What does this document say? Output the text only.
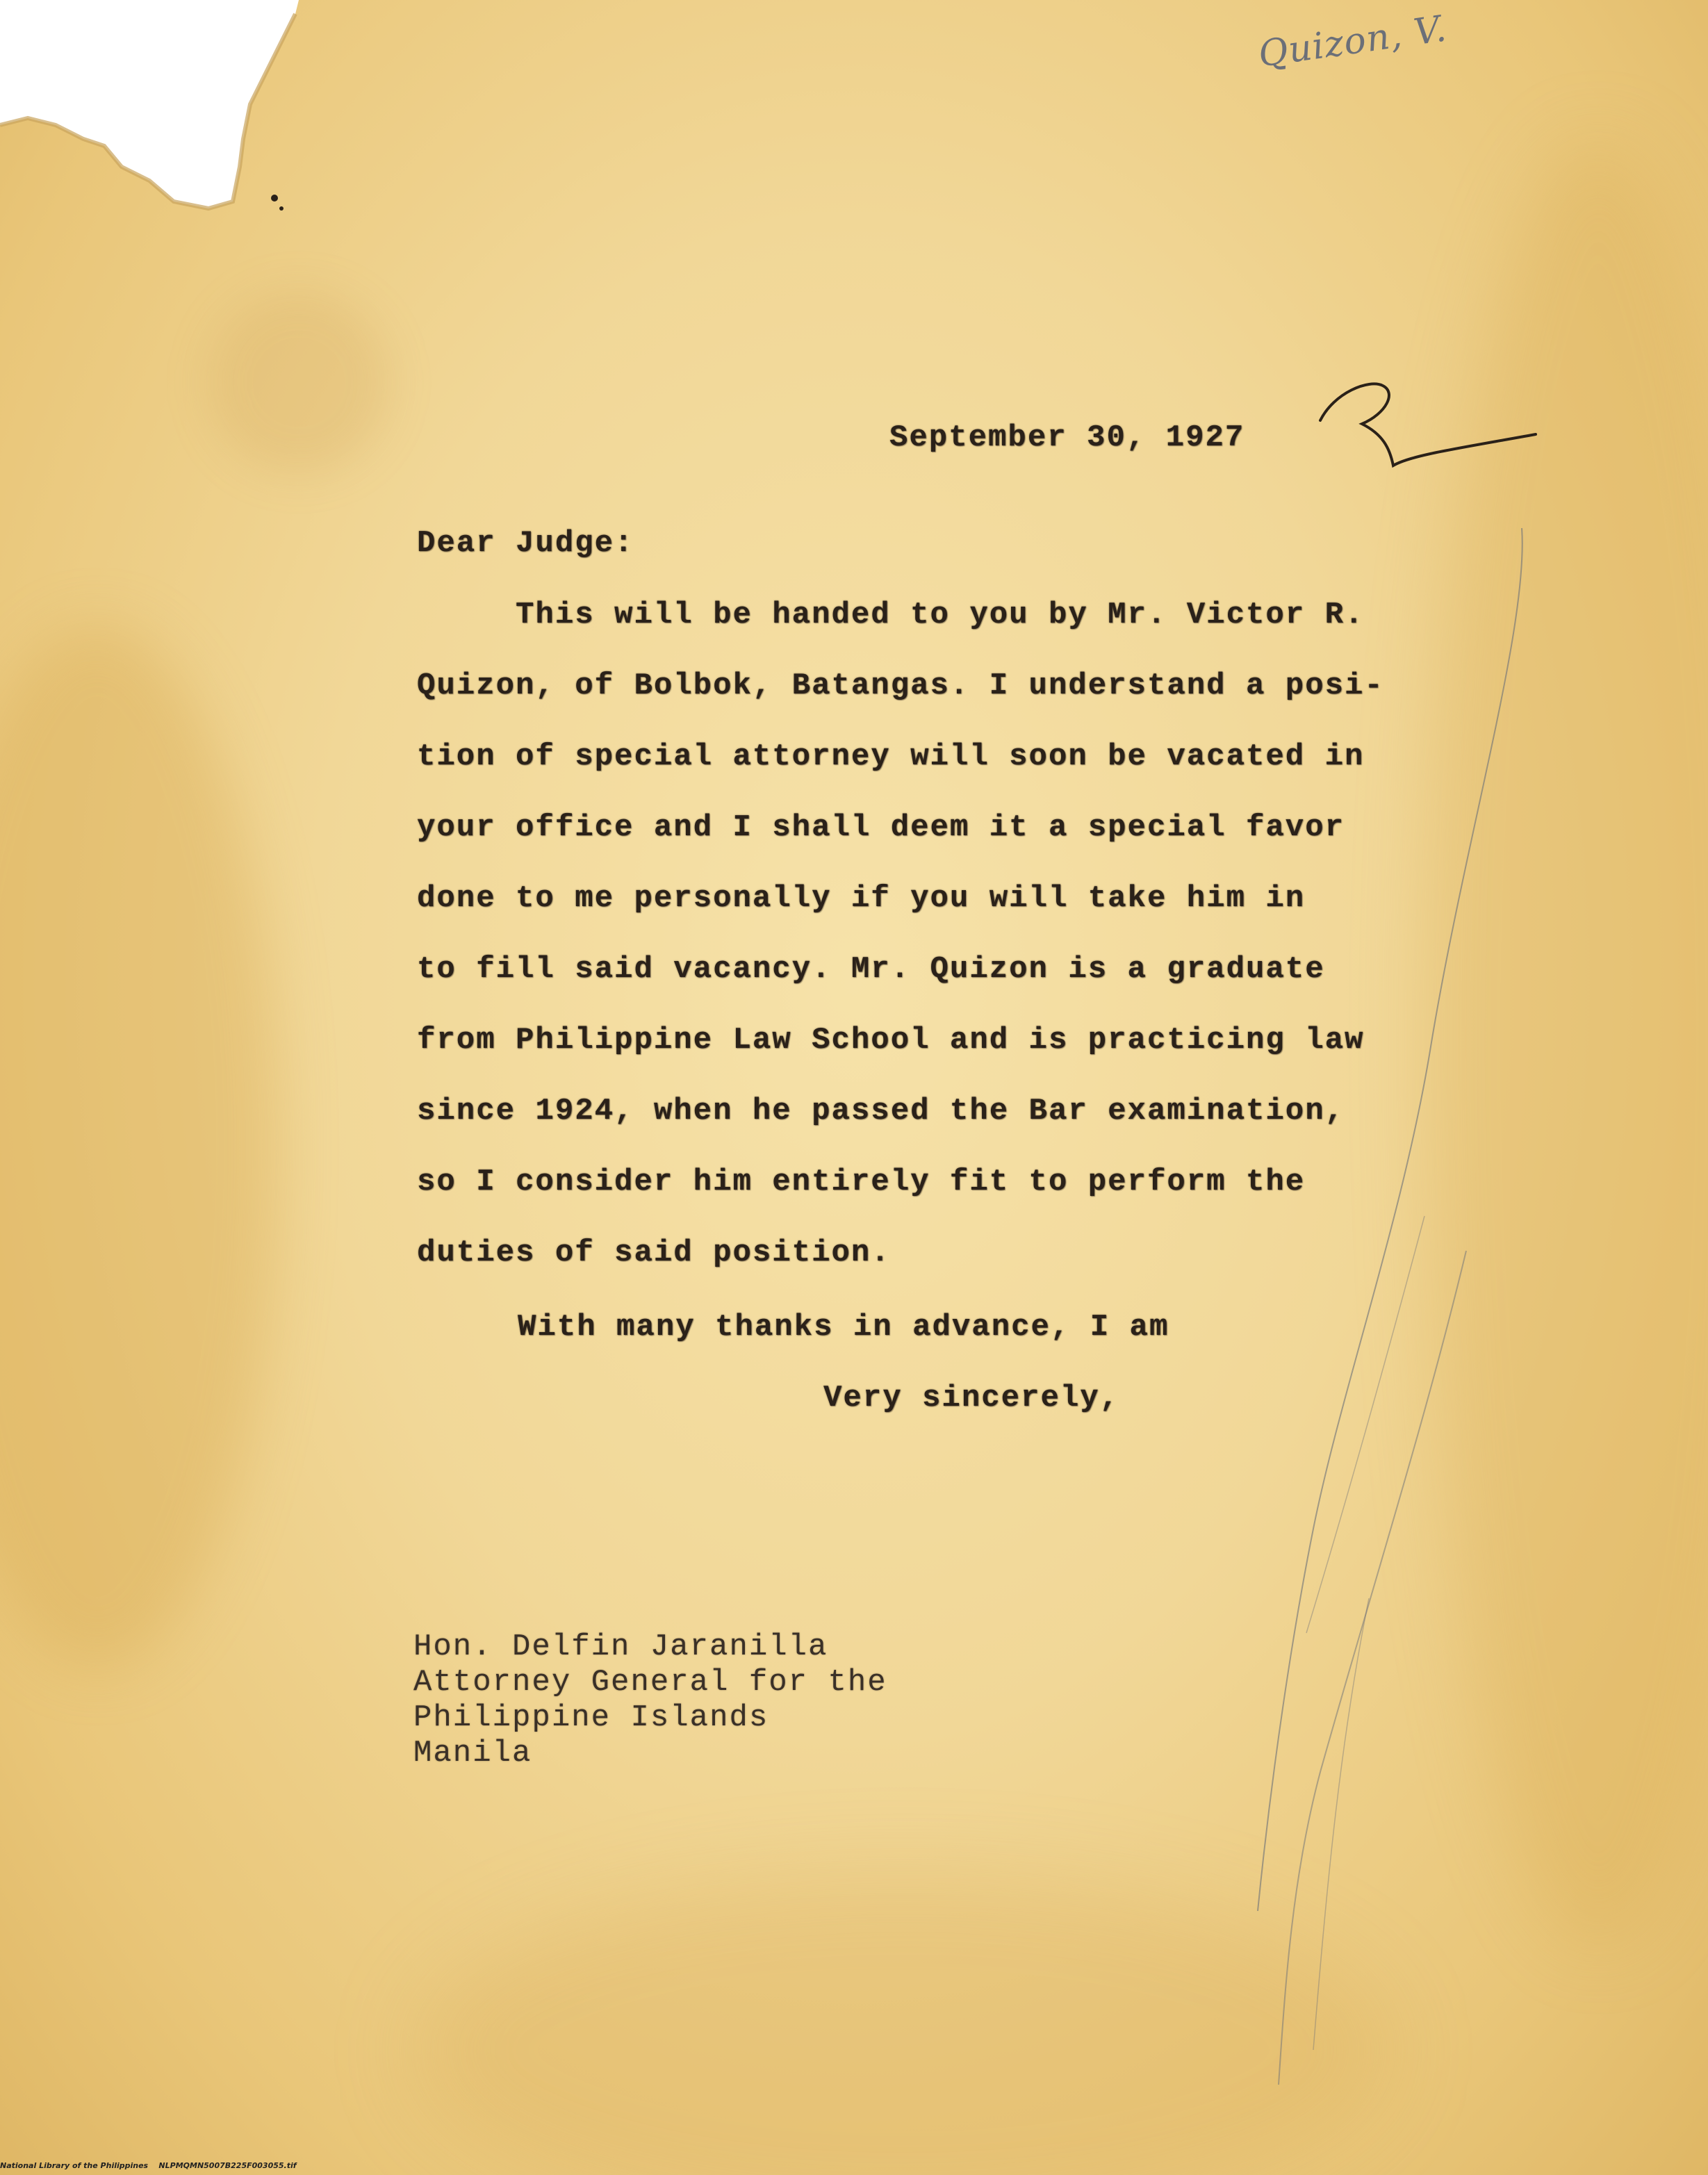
Quizon, V.
September 30, 1927
Dear Judge:
This will be handed to you by Mr. Victor R.
Quizon, of Bolbok, Batangas. I understand a posi-
tion of special attorney will soon be vacated in
your office and I shall deem it a special favor
done to me personally if you will take him in
to fill said vacancy. Mr. Quizon is a graduate
from Philippine Law School and is practicing law
since 1924, when he passed the Bar examination,
so I consider him entirely fit to perform the
duties of said position.
With many thanks in advance, I am
Very sincerely,
Hon. Delfin Jaranilla
Attorney General for the
Philippine Islands
Manila
National Library of the Philippines    NLPMQMN5007B225F003055.tif
